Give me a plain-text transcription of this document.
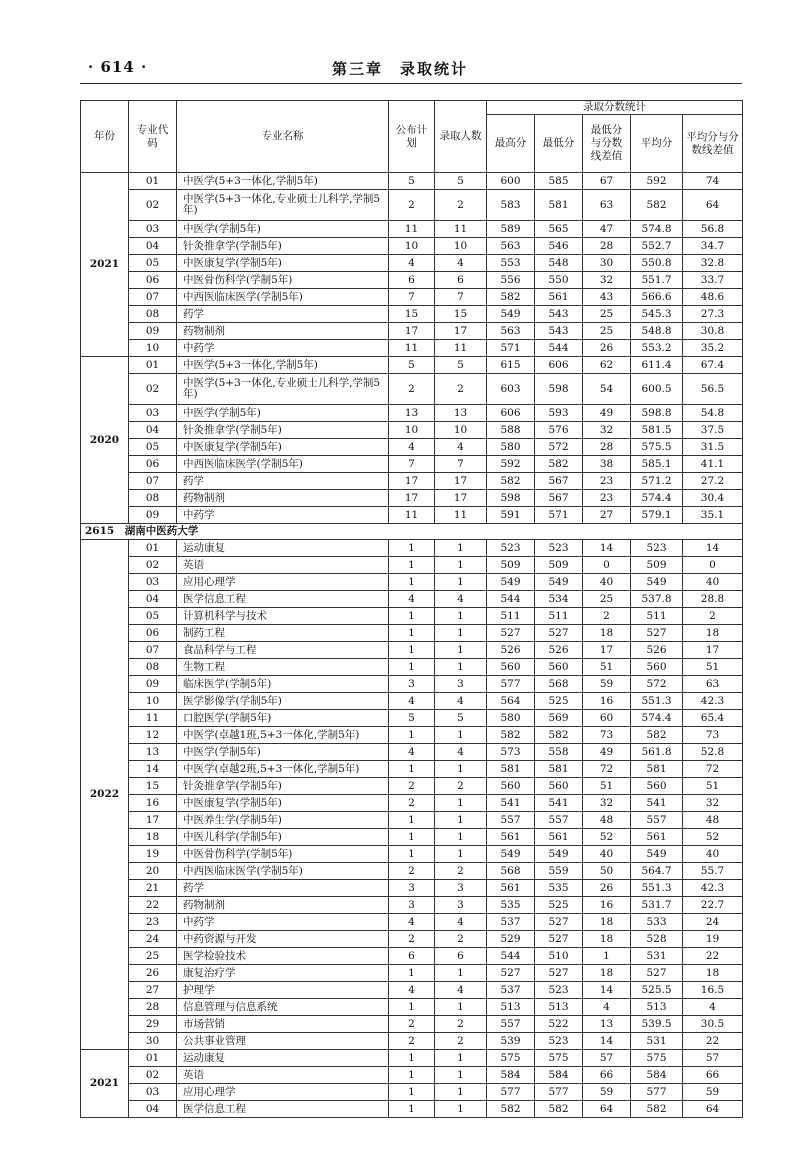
· 614 ·	第三章　录取统计
年份	专业代码	专业名称	公布计划	录取人数	录取分数统计				
					最高分	最低分	最低分与分数线差值	平均分	平均分与分数线差值
2021	01	中医学(5+3一体化,学制5年)	5	5	600	585	67	592	74
	02	中医学(5+3一体化,专业硕士儿科学,学制5年)	2	2	583	581	63	582	64
	03	中医学(学制5年)	11	11	589	565	47	574.8	56.8
	04	针灸推拿学(学制5年)	10	10	563	546	28	552.7	34.7
	05	中医康复学(学制5年)	4	4	553	548	30	550.8	32.8
	06	中医骨伤科学(学制5年)	6	6	556	550	32	551.7	33.7
	07	中西医临床医学(学制5年)	7	7	582	561	43	566.6	48.6
	08	药学	15	15	549	543	25	545.3	27.3
	09	药物制剂	17	17	563	543	25	548.8	30.8
	10	中药学	11	11	571	544	26	553.2	35.2
2020	01	中医学(5+3一体化,学制5年)	5	5	615	606	62	611.4	67.4
	02	中医学(5+3一体化,专业硕士儿科学,学制5年)	2	2	603	598	54	600.5	56.5
	03	中医学(学制5年)	13	13	606	593	49	598.8	54.8
	04	针灸推拿学(学制5年)	10	10	588	576	32	581.5	37.5
	05	中医康复学(学制5年)	4	4	580	572	28	575.5	31.5
	06	中西医临床医学(学制5年)	7	7	592	582	38	585.1	41.1
	07	药学	17	17	582	567	23	571.2	27.2
	08	药物制剂	17	17	598	567	23	574.4	30.4
	09	中药学	11	11	591	571	27	579.1	35.1
2615　湖南中医药大学									
2022	01	运动康复	1	1	523	523	14	523	14
	02	英语	1	1	509	509	0	509	0
	03	应用心理学	1	1	549	549	40	549	40
	04	医学信息工程	4	4	544	534	25	537.8	28.8
	05	计算机科学与技术	1	1	511	511	2	511	2
	06	制药工程	1	1	527	527	18	527	18
	07	食品科学与工程	1	1	526	526	17	526	17
	08	生物工程	1	1	560	560	51	560	51
	09	临床医学(学制5年)	3	3	577	568	59	572	63
	10	医学影像学(学制5年)	4	4	564	525	16	551.3	42.3
	11	口腔医学(学制5年)	5	5	580	569	60	574.4	65.4
	12	中医学(卓越1班,5+3一体化,学制5年)	1	1	582	582	73	582	73
	13	中医学(学制5年)	4	4	573	558	49	561.8	52.8
	14	中医学(卓越2班,5+3一体化,学制5年)	1	1	581	581	72	581	72
	15	针灸推拿学(学制5年)	2	2	560	560	51	560	51
	16	中医康复学(学制5年)	2	1	541	541	32	541	32
	17	中医养生学(学制5年)	1	1	557	557	48	557	48
	18	中医儿科学(学制5年)	1	1	561	561	52	561	52
	19	中医骨伤科学(学制5年)	1	1	549	549	40	549	40
	20	中西医临床医学(学制5年)	2	2	568	559	50	564.7	55.7
	21	药学	3	3	561	535	26	551.3	42.3
	22	药物制剂	3	3	535	525	16	531.7	22.7
	23	中药学	4	4	537	527	18	533	24
	24	中药资源与开发	2	2	529	527	18	528	19
	25	医学检验技术	6	6	544	510	1	531	22
	26	康复治疗学	1	1	527	527	18	527	18
	27	护理学	4	4	537	523	14	525.5	16.5
	28	信息管理与信息系统	1	1	513	513	4	513	4
	29	市场营销	2	2	557	522	13	539.5	30.5
	30	公共事业管理	2	2	539	523	14	531	22
2021	01	运动康复	1	1	575	575	57	575	57
	02	英语	1	1	584	584	66	584	66
	03	应用心理学	1	1	577	577	59	577	59
	04	医学信息工程	1	1	582	582	64	582	64
